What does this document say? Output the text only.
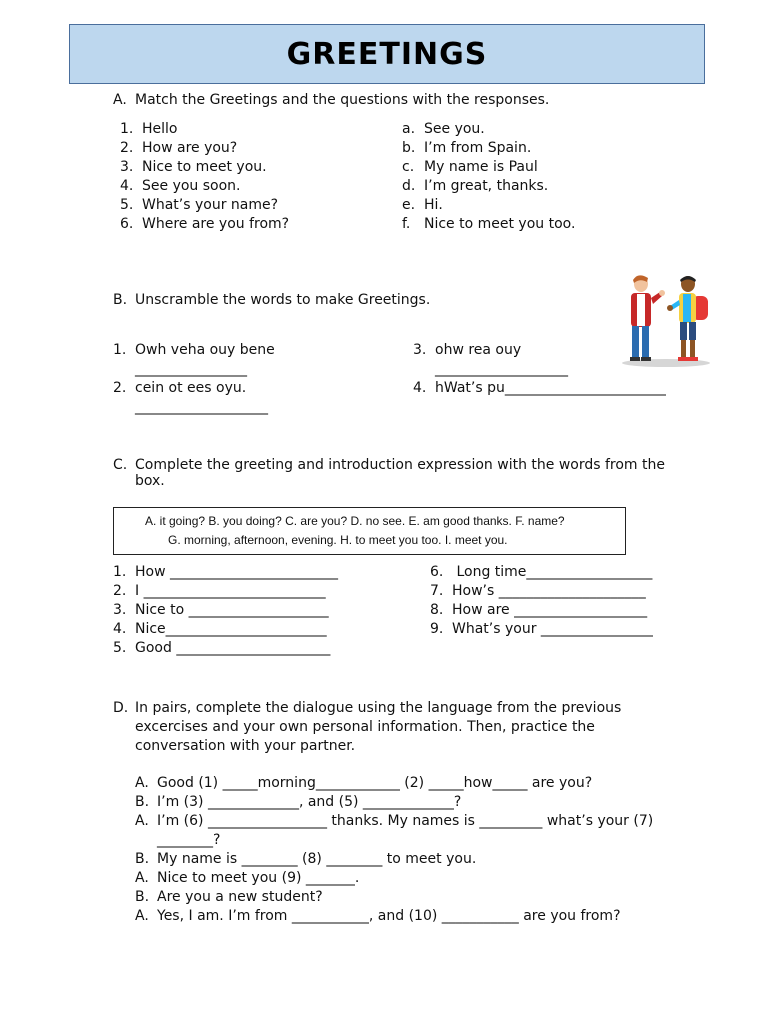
GREETINGS
A. Match the Greetings and the questions with the responses.
1. Hello
2. How are you?
3. Nice to meet you.
4. See you soon.
5. What’s your name?
6. Where are you from?
a. See you.
b. I’m from Spain.
c. My name is Paul
d. I’m great, thanks.
e. Hi.
f. Nice to meet you too.
B. Unscramble the words to make Greetings.
1. Owh veha ouy bene
________________
2. cein ot ees oyu.
___________________
3. ohw rea ouy
___________________
4. hWat’s pu_______________________
C. Complete the greeting and introduction expression with the words from the
box.
A. it going? B. you doing? C. are you? D. no see. E. am good thanks. F. name?
G. morning, afternoon, evening. H. to meet you too. I. meet you.
1. How ________________________
2. I __________________________
3. Nice to ____________________
4. Nice_______________________
5. Good ______________________
6. Long time__________________
7. How’s _____________________
8. How are ___________________
9. What’s your ________________
D. In pairs, complete the dialogue using the language from the previous
excercises and your own personal information. Then, practice the
conversation with your partner.
A. Good (1) _____morning____________ (2) _____how_____ are you?
B. I’m (3) _____________, and (5) _____________?
A. I’m (6) _________________ thanks. My names is _________ what’s your (7)
________?
B. My name is ________ (8) ________ to meet you.
A. Nice to meet you (9) _______.
B. Are you a new student?
A. Yes, I am. I’m from ___________, and (10) ___________ are you from?
